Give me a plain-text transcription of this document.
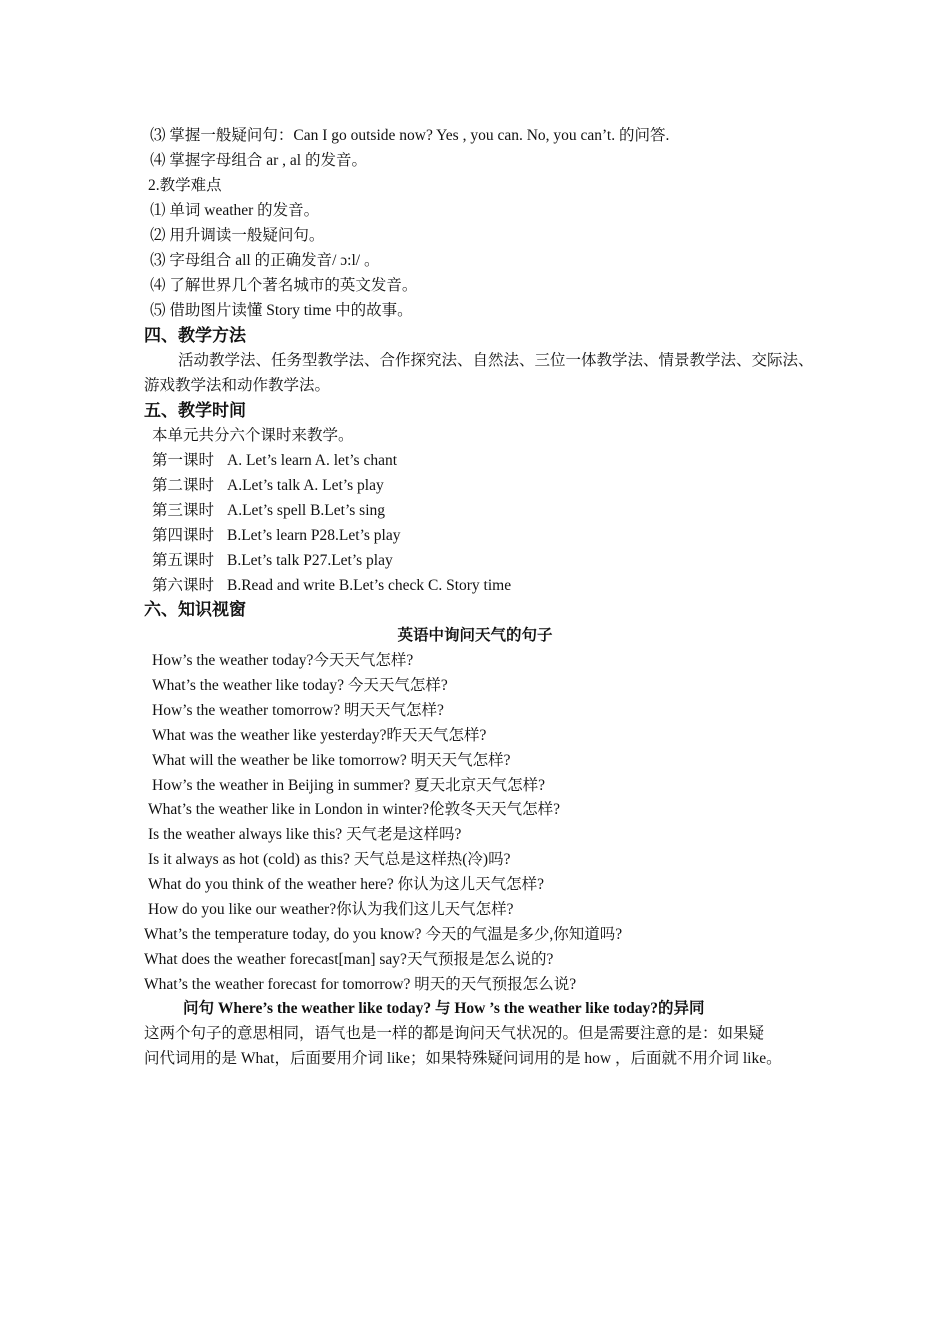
⑶ 掌握一般疑问句：Can I go outside now? Yes , you can. No, you can’t. 的问答.
⑷ 掌握字母组合 ar , al 的发音。
2.教学难点
⑴ 单词 weather 的发音。
⑵ 用升调读一般疑问句。
⑶ 字母组合 all 的正确发音/ ɔ:l/ 。
⑷ 了解世界几个著名城市的英文发音。
⑸ 借助图片读懂 Story time 中的故事。
四、教学方法
活动教学法、任务型教学法、合作探究法、自然法、三位一体教学法、情景教学法、交际法、
游戏教学法和动作教学法。
五、教学时间
本单元共分六个课时来教学。
第一课时 A. Let’s learn A. let’s chant
第二课时 A.Let’s talk A. Let’s play
第三课时 A.Let’s spell B.Let’s sing
第四课时 B.Let’s learn P28.Let’s play
第五课时 B.Let’s talk P27.Let’s play
第六课时 B.Read and write B.Let’s check C. Story time
六、知识视窗
英语中询问天气的句子
How’s the weather today?今天天气怎样?
What’s the weather like today? 今天天气怎样?
How’s the weather tomorrow? 明天天气怎样?
What was the weather like yesterday?昨天天气怎样?
What will the weather be like tomorrow? 明天天气怎样?
How’s the weather in Beijing in summer? 夏天北京天气怎样?
What’s the weather like in London in winter?伦敦冬天天气怎样?
Is the weather always like this? 天气老是这样吗?
Is it always as hot (cold) as this? 天气总是这样热(冷)吗?
What do you think of the weather here? 你认为这儿天气怎样?
How do you like our weather?你认为我们这儿天气怎样?
What’s the temperature today, do you know? 今天的气温是多少,你知道吗?
What does the weather forecast[man] say?天气预报是怎么说的?
What’s the weather forecast for tomorrow? 明天的天气预报怎么说?
问句 Where’s the weather like today? 与 How ’s the weather like today?的异同
这两个句子的意思相同，语气也是一样的都是询问天气状况的。但是需要注意的是：如果疑
问代词用的是 What，后面要用介词 like；如果特殊疑问词用的是 how ，后面就不用介词 like。
